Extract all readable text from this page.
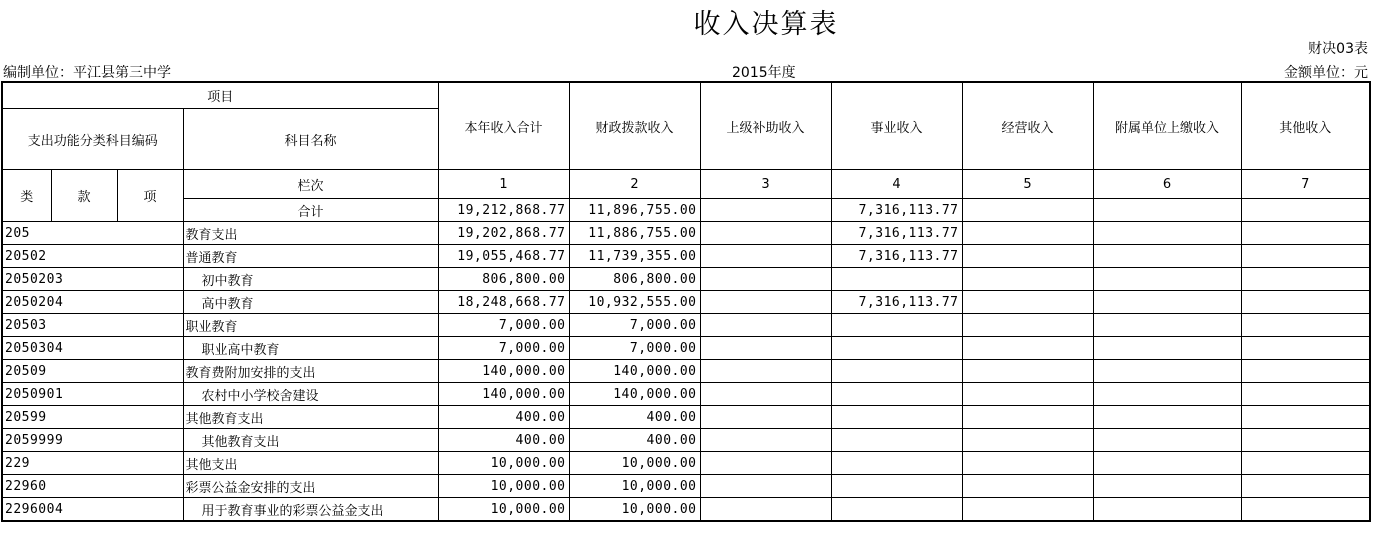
收入决算表
财决03表
编制单位：平江县第三中学	2015年度	金额单位：元
项目				本年收入合计	财政拨款收入	上级补助收入	事业收入	经营收入	附属单位上缴收入	其他收入
支出功能分类科目编码			科目名称							
类	款	项	栏次	1	2	3	4	5	6	7
			合计	19,212,868.77	11,896,755.00		7,316,113.77			
205			教育支出	19,202,868.77	11,886,755.00		7,316,113.77			
20502			普通教育	19,055,468.77	11,739,355.00		7,316,113.77			
2050203			初中教育	806,800.00	806,800.00					
2050204			高中教育	18,248,668.77	10,932,555.00		7,316,113.77			
20503			职业教育	7,000.00	7,000.00					
2050304			职业高中教育	7,000.00	7,000.00					
20509			教育费附加安排的支出	140,000.00	140,000.00					
2050901			农村中小学校舍建设	140,000.00	140,000.00					
20599			其他教育支出	400.00	400.00					
2059999			其他教育支出	400.00	400.00					
229			其他支出	10,000.00	10,000.00					
22960			彩票公益金安排的支出	10,000.00	10,000.00					
2296004			用于教育事业的彩票公益金支出	10,000.00	10,000.00					
